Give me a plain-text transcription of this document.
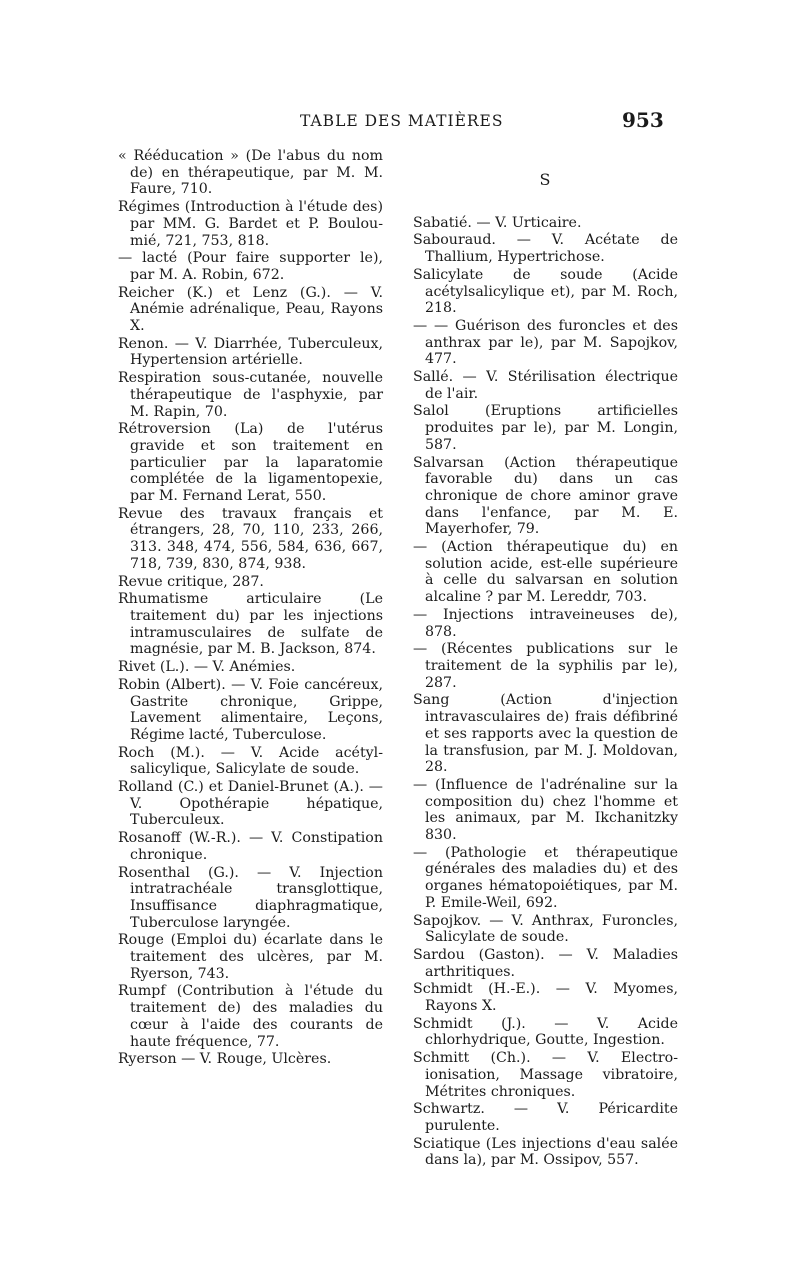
TABLE DES MATIÈRES	953
« Rééducation » (De l'abus du nom de) en thérapeutique, par M. M. Faure, 710.
Régimes (Introduction à l'étude des) par MM. G. Bardet et P. Boulou-mié, 721, 753, 818.
— lacté (Pour faire supporter le), par M. A. Robin, 672.
Reicher (K.) et Lenz (G.). — V. Anémie adrénalique, Peau, Rayons X.
Renon. — V. Diarrhée, Tuberculeux, Hypertension artérielle.
Respiration sous-cutanée, nouvelle thérapeutique de l'asphyxie, par M. Rapin, 70.
Rétroversion (La) de l'utérus gravide et son traitement en particulier par la laparatomie complétée de la ligamentopexie, par M. Fernand Lerat, 550.
Revue des travaux français et étrangers, 28, 70, 110, 233, 266, 313. 348, 474, 556, 584, 636, 667, 718, 739, 830, 874, 938.
Revue critique, 287.
Rhumatisme articulaire (Le traitement du) par les injections intramusculaires de sulfate de magnésie, par M. B. Jackson, 874.
Rivet (L.). — V. Anémies.
Robin (Albert). — V. Foie cancéreux, Gastrite chronique, Grippe, Lavement alimentaire, Leçons, Régime lacté, Tuberculose.
Roch (M.). — V. Acide acétyl-salicylique, Salicylate de soude.
Rolland (C.) et Daniel-Brunet (A.). — V. Opothérapie hépatique, Tuberculeux.
Rosanoff (W.-R.). — V. Constipation chronique.
Rosenthal (G.). — V. Injection intratrachéale transglottique, Insuffisance diaphragmatique, Tuberculose laryngée.
Rouge (Emploi du) écarlate dans le traitement des ulcères, par M. Ryerson, 743.
Rumpf (Contribution à l'étude du traitement de) des maladies du cœur à l'aide des courants de haute fréquence, 77.
Ryerson — V. Rouge, Ulcères.
S
Sabatié. — V. Urticaire.
Sabouraud. — V. Acétate de Thallium, Hypertrichose.
Salicylate de soude (Acide acétylsalicylique et), par M. Roch, 218.
— — Guérison des furoncles et des anthrax par le), par M. Sapojkov, 477.
Sallé. — V. Stérilisation électrique de l'air.
Salol (Eruptions artificielles produites par le), par M. Longin, 587.
Salvarsan (Action thérapeutique favorable du) dans un cas chronique de chore aminor grave dans l'enfance, par M. E. Mayerhofer, 79.
— (Action thérapeutique du) en solution acide, est-elle supérieure à celle du salvarsan en solution alcaline ? par M. Lereddr, 703.
— Injections intraveineuses de), 878.
— (Récentes publications sur le traitement de la syphilis par le), 287.
Sang (Action d'injection intravasculaires de) frais défibriné et ses rapports avec la question de la transfusion, par M. J. Moldovan, 28.
— (Influence de l'adrénaline sur la composition du) chez l'homme et les animaux, par M. Ikchanitzky 830.
— (Pathologie et thérapeutique générales des maladies du) et des organes hématopoiétiques, par M. P. Emile-Weil, 692.
Sapojkov. — V. Anthrax, Furoncles, Salicylate de soude.
Sardou (Gaston). — V. Maladies arthritiques.
Schmidt (H.-E.). — V. Myomes, Rayons X.
Schmidt (J.). — V. Acide chlorhydrique, Goutte, Ingestion.
Schmitt (Ch.). — V. Electro-ionisation, Massage vibratoire, Métrites chroniques.
Schwartz. — V. Péricardite purulente.
Sciatique (Les injections d'eau salée dans la), par M. Ossipov, 557.
